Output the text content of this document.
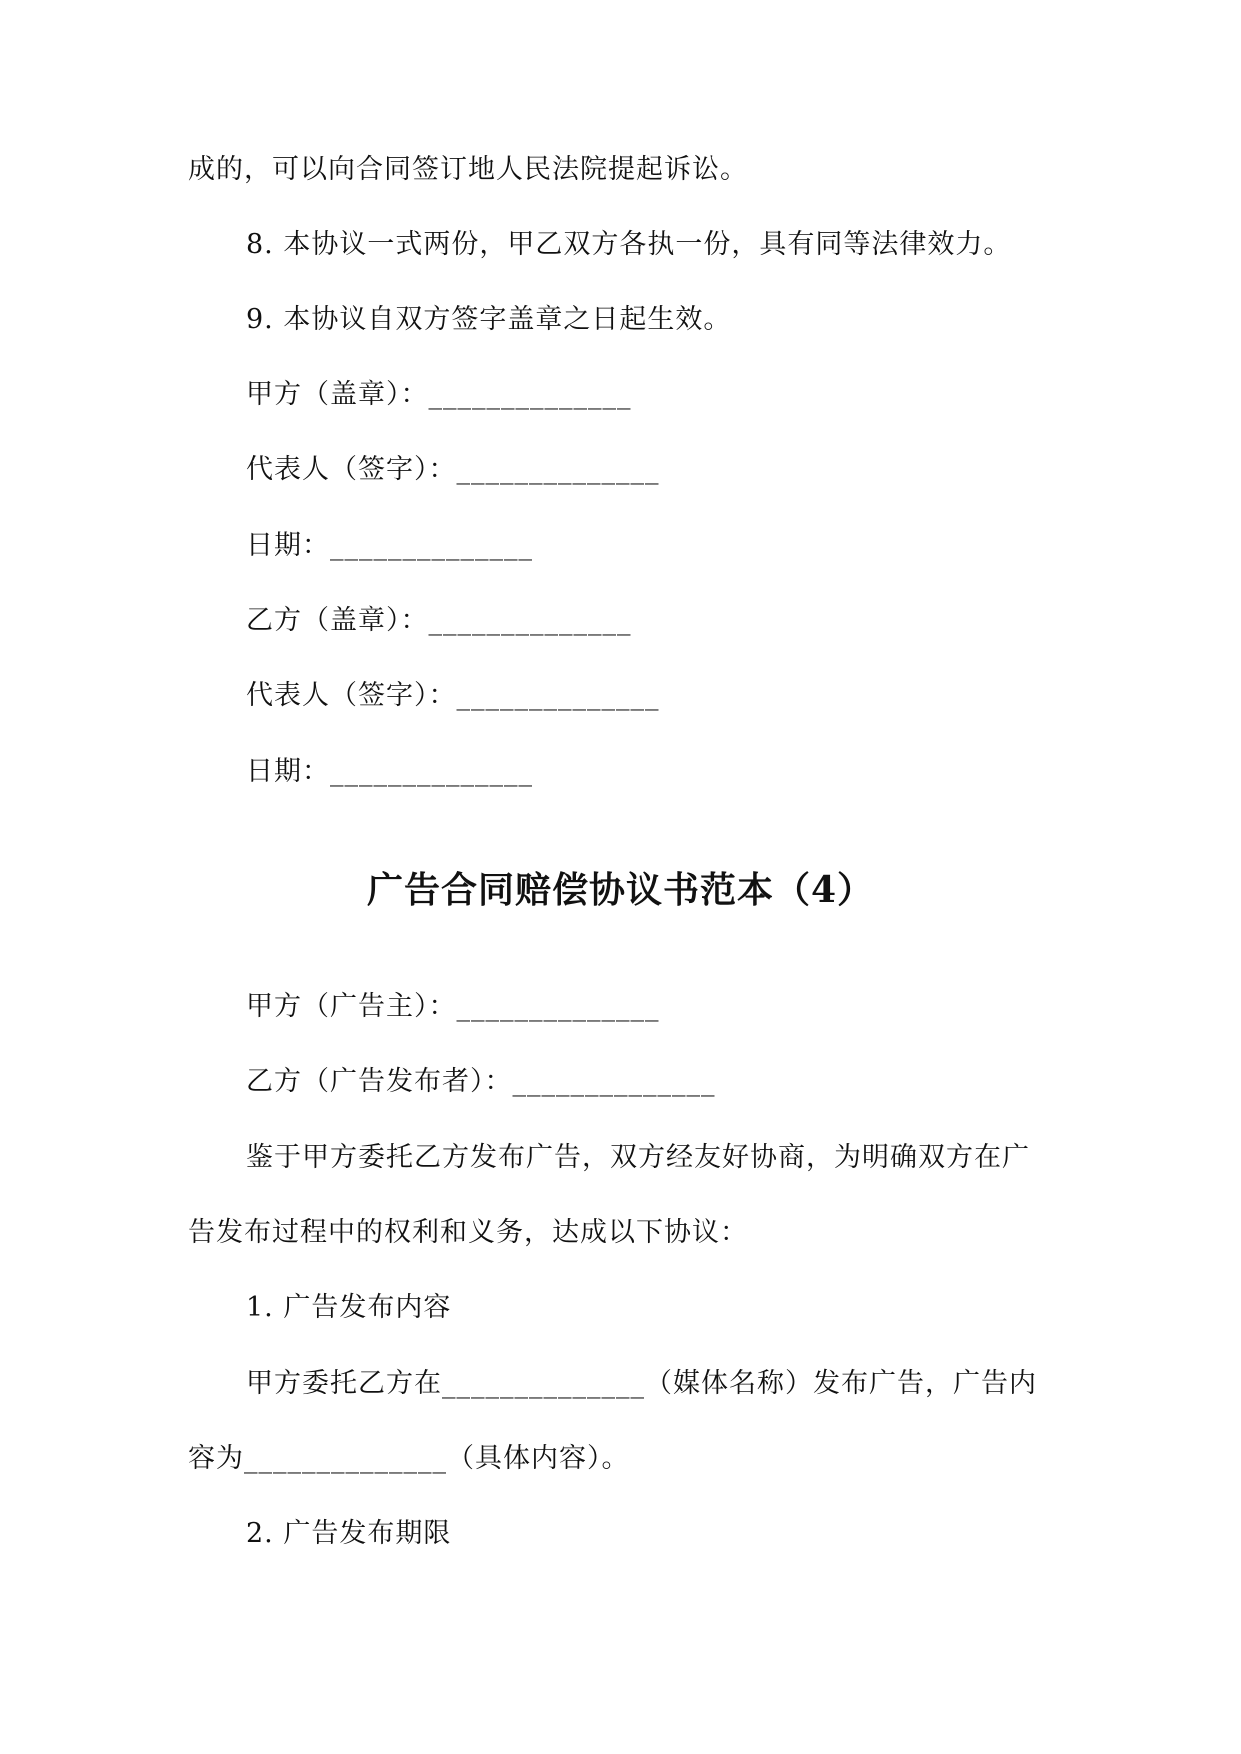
成的，可以向合同签订地人民法院提起诉讼。
8. 本协议一式两份，甲乙双方各执一份，具有同等法律效力。
9. 本协议自双方签字盖章之日起生效。
甲方（盖章）：______________
代表人（签字）：______________
日期：______________
乙方（盖章）：______________
代表人（签字）：______________
日期：______________
广告合同赔偿协议书范本（4）
甲方（广告主）：______________
乙方（广告发布者）：______________
鉴于甲方委托乙方发布广告，双方经友好协商，为明确双方在广
告发布过程中的权利和义务，达成以下协议：
1. 广告发布内容
甲方委托乙方在______________（媒体名称）发布广告，广告内
容为______________（具体内容）。
2. 广告发布期限
